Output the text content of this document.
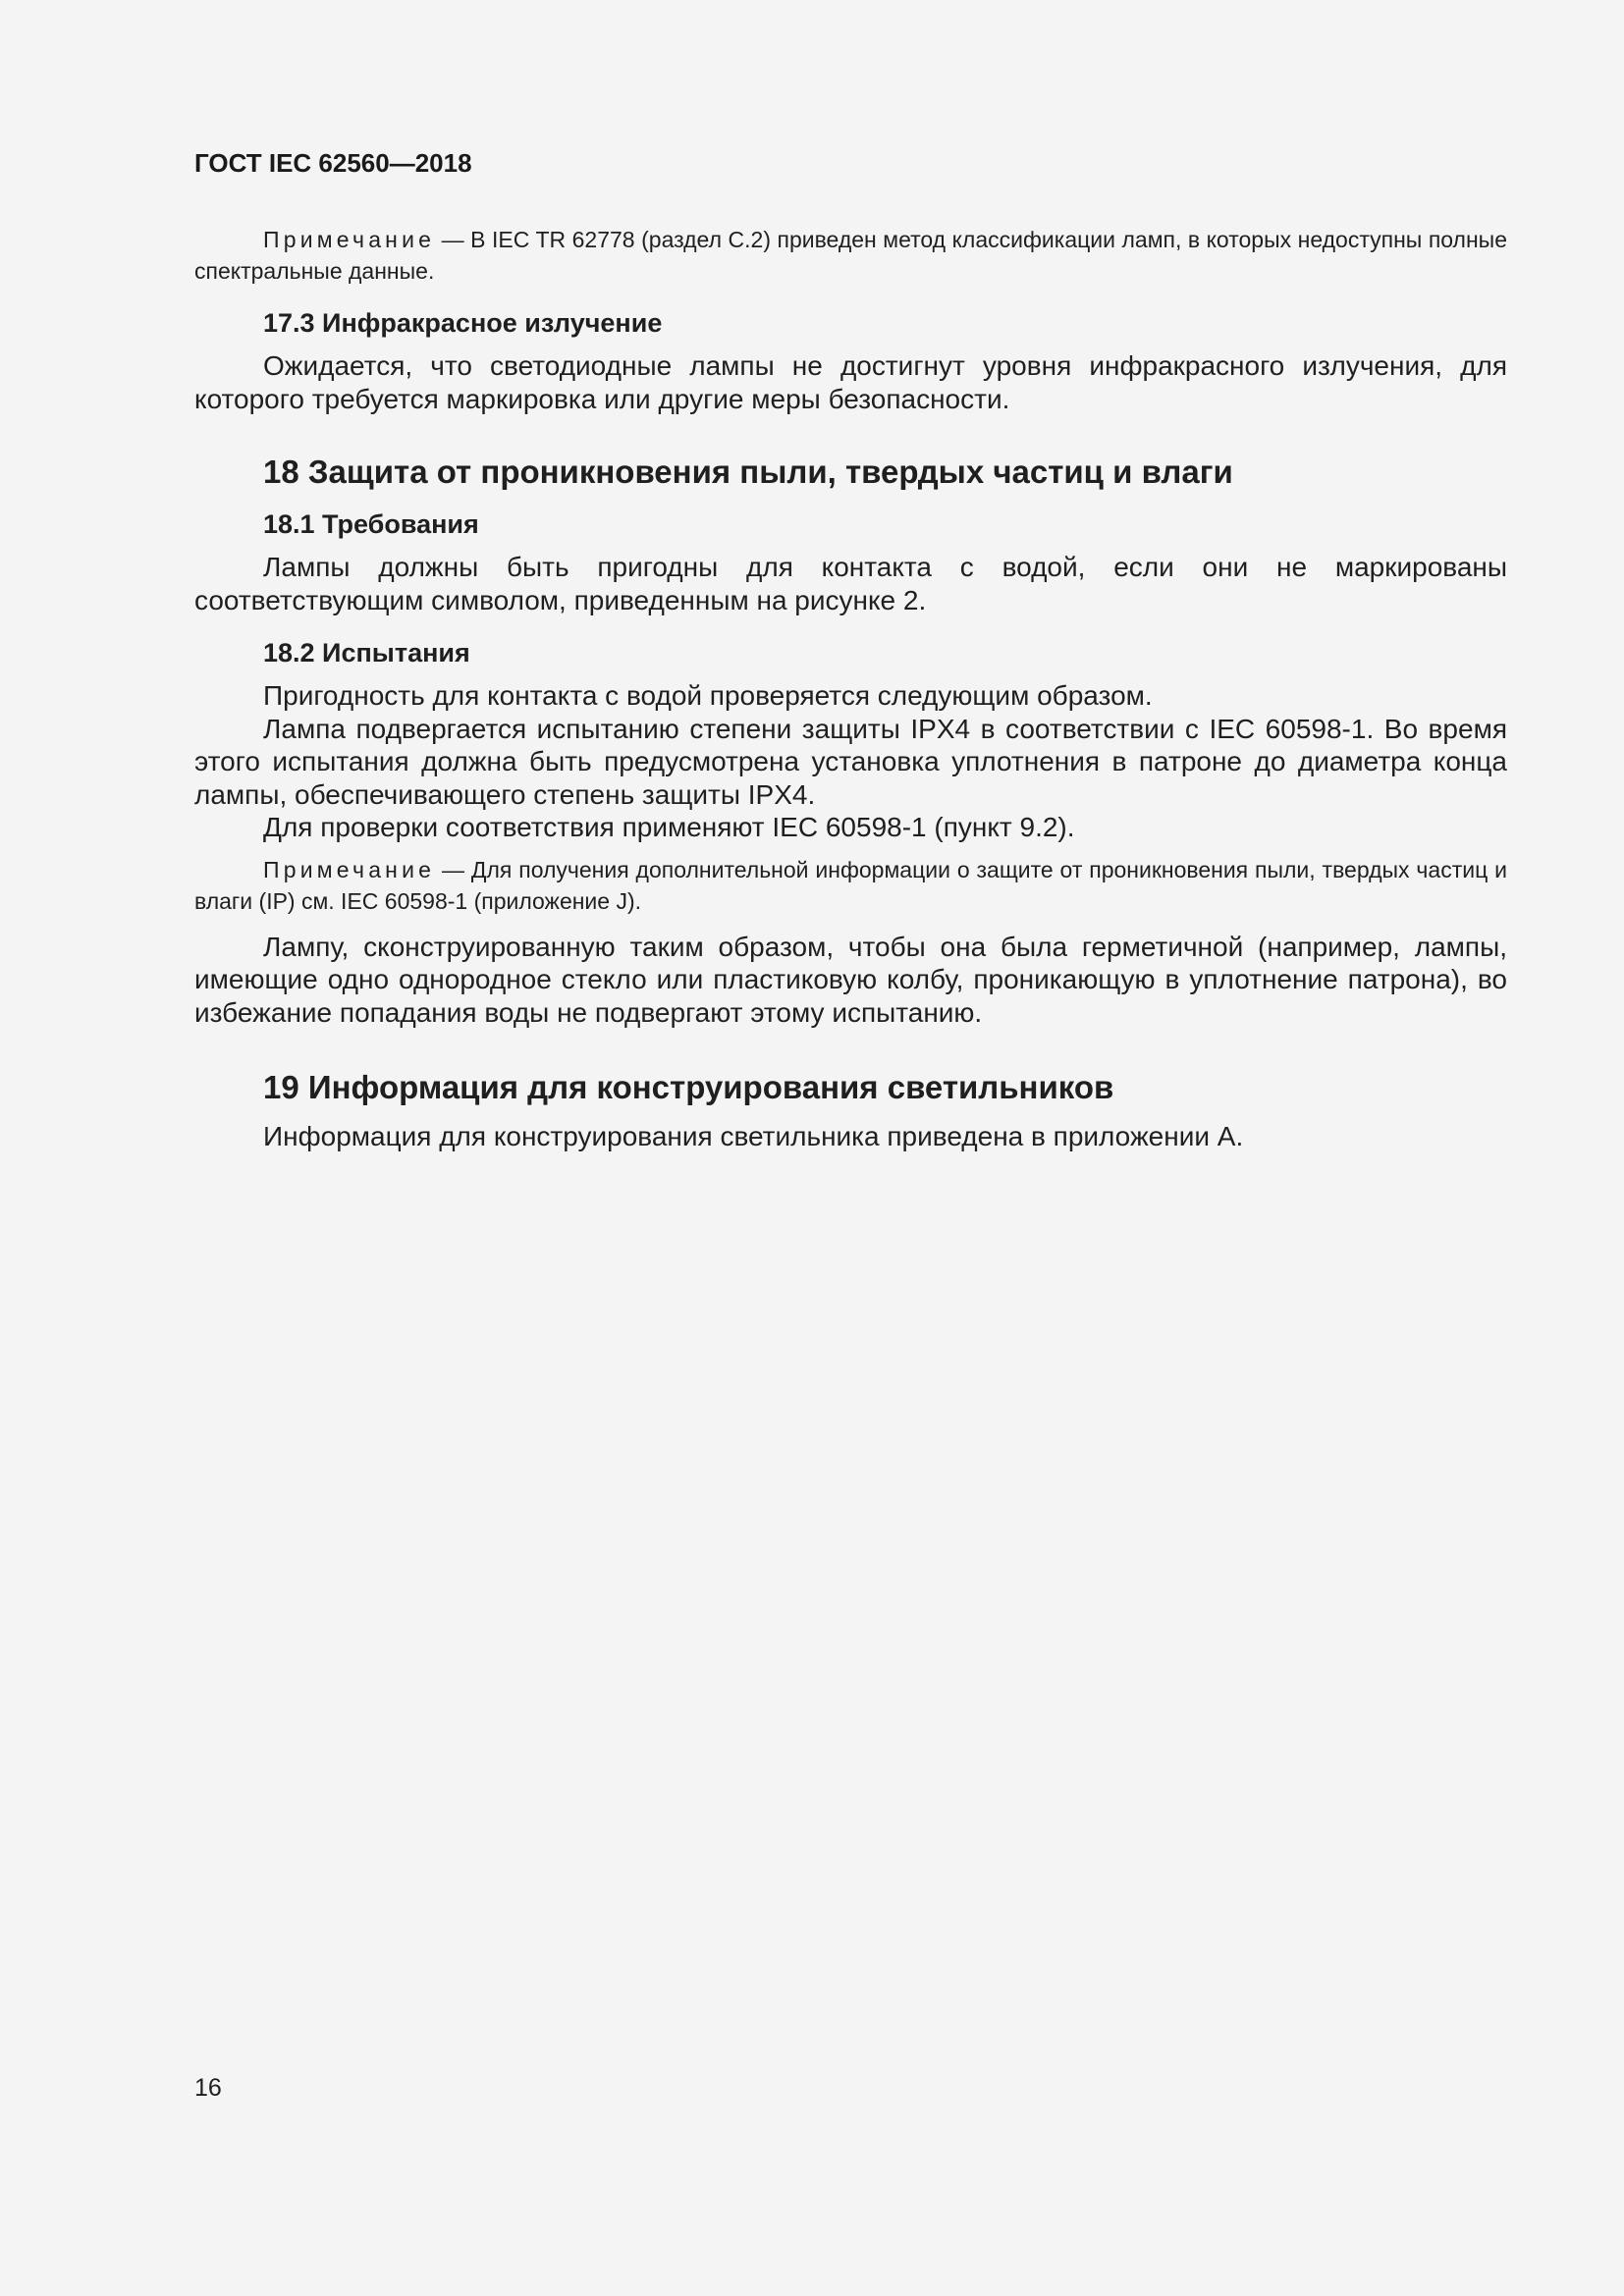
ГОСТ IEC 62560—2018

Примечание — В IEC TR 62778 (раздел С.2) приведен метод классификации ламп, в которых недоступны полные спектральные данные.

17.3 Инфракрасное излучение

Ожидается, что светодиодные лампы не достигнут уровня инфракрасного излучения, для которого требуется маркировка или другие меры безопасности.

18 Защита от проникновения пыли, твердых частиц и влаги
18.1 Требования

Лампы должны быть пригодны для контакта с водой, если они не маркированы соответствующим символом, приведенным на рисунке 2.

18.2 Испытания

Пригодность для контакта с водой проверяется следующим образом.

Лампа подвергается испытанию степени защиты IPX4 в соответствии с IEC 60598-1. Во время этого испытания должна быть предусмотрена установка уплотнения в патроне до диаметра конца лампы, обеспечивающего степень защиты IPX4.

Для проверки соответствия применяют IEC 60598-1 (пункт 9.2).

Примечание — Для получения дополнительной информации о защите от проникновения пыли, твердых частиц и влаги (IP) см. IEC 60598-1 (приложение J).

Лампу, сконструированную таким образом, чтобы она была герметичной (например, лампы, имеющие одно однородное стекло или пластиковую колбу, проникающую в уплотнение патрона), во избежание попадания воды не подвергают этому испытанию.

19 Информация для конструирования светильников

Информация для конструирования светильника приведена в приложении А.

16
